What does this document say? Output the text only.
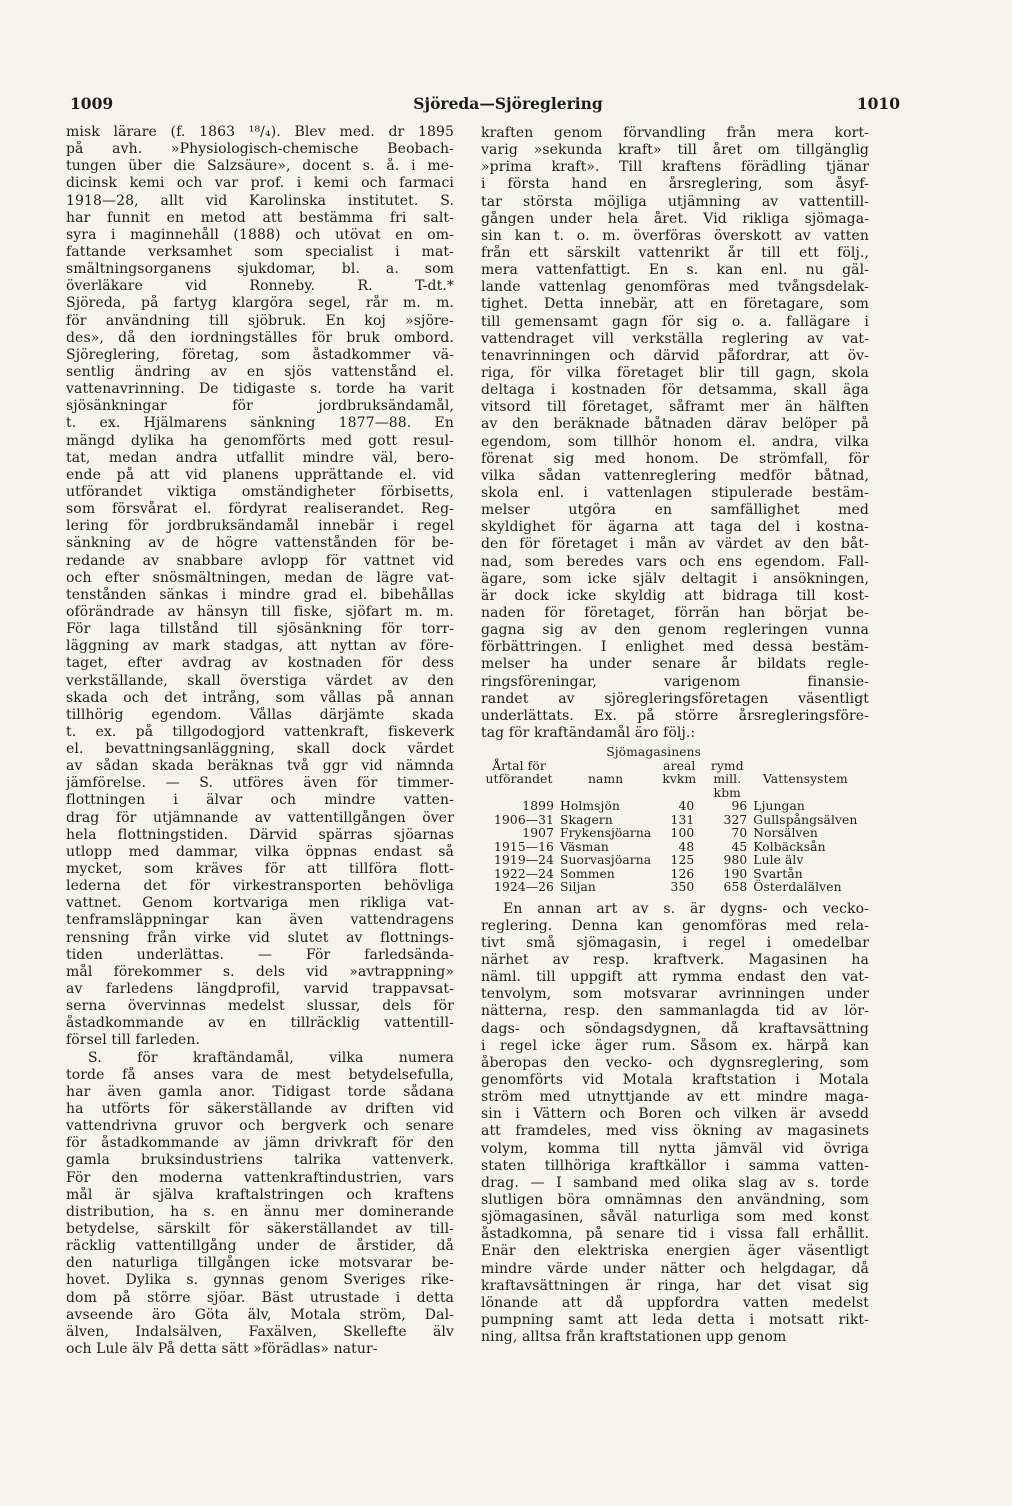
1009	Sjöreda—Sjöreglering	1010
misk lärare (f. 1863 ¹⁸/₄). Blev med. dr 1895
på avh. »Physiologisch-chemische Beobach-
tungen über die Salzsäure», docent s. å. i me-
dicinsk kemi och var prof. i kemi och farmaci
1918—28, allt vid Karolinska institutet. S.
har funnit en metod att bestämma fri salt-
syra i maginnehåll (1888) och utövat en om-
fattande verksamhet som specialist i mat-
smältningsorganens sjukdomar, bl. a. som
överläkare vid Ronneby. R. T-dt.*
Sjöreda, på fartyg klargöra segel, rår m. m.
för användning till sjöbruk. En koj »sjöre-
des», då den iordningställes för bruk ombord.
Sjöreglering, företag, som åstadkommer vä-
sentlig ändring av en sjös vattenstånd el.
vattenavrinning. De tidigaste s. torde ha varit
sjösänkningar för jordbruksändamål,
t. ex. Hjälmarens sänkning 1877—88. En
mängd dylika ha genomförts med gott resul-
tat, medan andra utfallit mindre väl, bero-
ende på att vid planens upprättande el. vid
utförandet viktiga omständigheter förbisetts,
som försvårat el. fördyrat realiserandet. Reg-
lering för jordbruksändamål innebär i regel
sänkning av de högre vattenstånden för be-
redande av snabbare avlopp för vattnet vid
och efter snösmältningen, medan de lägre vat-
tenstånden sänkas i mindre grad el. bibehållas
oförändrade av hänsyn till fiske, sjöfart m. m.
För laga tillstånd till sjösänkning för torr-
läggning av mark stadgas, att nyttan av före-
taget, efter avdrag av kostnaden för dess
verkställande, skall överstiga värdet av den
skada och det intrång, som vållas på annan
tillhörig egendom. Vållas därjämte skada
t. ex. på tillgodogjord vattenkraft, fiskeverk
el. bevattningsanläggning, skall dock värdet
av sådan skada beräknas två ggr vid nämnda
jämförelse. — S. utföres även för timmer-
flottningen i älvar och mindre vatten-
drag för utjämnande av vattentillgången över
hela flottningstiden. Därvid spärras sjöarnas
utlopp med dammar, vilka öppnas endast så
mycket, som kräves för att tillföra flott-
lederna det för virkestransporten behövliga
vattnet. Genom kortvariga men rikliga vat-
tenframsläppningar kan även vattendragens
rensning från virke vid slutet av flottnings-
tiden underlättas. — För farledsända-
mål förekommer s. dels vid »avtrappning»
av farledens längdprofil, varvid trappavsat-
serna övervinnas medelst slussar, dels för
åstadkommande av en tillräcklig vattentill-
försel till farleden.
S. för kraftändamål, vilka numera
torde få anses vara de mest betydelsefulla,
har även gamla anor. Tidigast torde sådana
ha utförts för säkerställande av driften vid
vattendrivna gruvor och bergverk och senare
för åstadkommande av jämn drivkraft för den
gamla bruksindustriens talrika vattenverk.
För den moderna vattenkraftindustrien, vars
mål är själva kraftalstringen och kraftens
distribution, ha s. en ännu mer dominerande
betydelse, särskilt för säkerställandet av till-
räcklig vattentillgång under de årstider, då
den naturliga tillgången icke motsvarar be-
hovet. Dylika s. gynnas genom Sveriges rike-
dom på större sjöar. Bäst utrustade i detta
avseende äro Göta älv, Motala ström, Dal-
älven, Indalsälven, Faxälven, Skellefte älv
och Lule älv På detta sätt »förädlas» natur-
kraften genom förvandling från mera kort-
varig »sekunda kraft» till året om tillgänglig
»prima kraft». Till kraftens förädling tjänar
i första hand en årsreglering, som åsyf-
tar största möjliga utjämning av vattentill-
gången under hela året. Vid rikliga sjömaga-
sin kan t. o. m. överföras överskott av vatten
från ett särskilt vattenrikt år till ett följ.,
mera vattenfattigt. En s. kan enl. nu gäl-
lande vattenlag genomföras med tvångsdelak-
tighet. Detta innebär, att en företagare, som
till gemensamt gagn för sig o. a. fallägare i
vattendraget vill verkställa reglering av vat-
tenavrinningen och därvid påfordrar, att öv-
riga, för vilka företaget blir till gagn, skola
deltaga i kostnaden för detsamma, skall äga
vitsord till företaget, såframt mer än hälften
av den beräknade båtnaden därav belöper på
egendom, som tillhör honom el. andra, vilka
förenat sig med honom. De strömfall, för
vilka sådan vattenreglering medför båtnad,
skola enl. i vattenlagen stipulerade bestäm-
melser utgöra en samfällighet med
skyldighet för ägarna att taga del i kostna-
den för företaget i mån av värdet av den båt-
nad, som beredes vars och ens egendom. Fall-
ägare, som icke själv deltagit i ansökningen,
är dock icke skyldig att bidraga till kost-
naden för företaget, förrän han börjat be-
gagna sig av den genom regleringen vunna
förbättringen. I enlighet med dessa bestäm-
melser ha under senare år bildats regle-
ringsföreningar, varigenom finansie-
randet av sjöregleringsföretagen väsentligt
underlättats. Ex. på större årsregleringsföre-
tag för kraftändamål äro följ.:
	Sjömagasinens			
Årtal för utförandet	namn	areal kvkm	rymd mill. kbm	Vattensystem
1899	Holmsjön	40	96	Ljungan
1906—31	Skagern	131	327	Gullspångsälven
1907	Frykensjöarna	100	70	Norsälven
1915—16	Väsman	48	45	Kolbäcksån
1919—24	Suorvasjöarna	125	980	Lule älv
1922—24	Sommen	126	190	Svartån
1924—26	Siljan	350	658	Österdalälven
En annan art av s. är dygns- och vecko-
reglering. Denna kan genomföras med rela-
tivt små sjömagasin, i regel i omedelbar
närhet av resp. kraftverk. Magasinen ha
näml. till uppgift att rymma endast den vat-
tenvolym, som motsvarar avrinningen under
nätterna, resp. den sammanlagda tid av lör-
dags- och söndagsdygnen, då kraftavsättning
i regel icke äger rum. Såsom ex. härpå kan
åberopas den vecko- och dygnsreglering, som
genomförts vid Motala kraftstation i Motala
ström med utnyttjande av ett mindre maga-
sin i Vättern och Boren och vilken är avsedd
att framdeles, med viss ökning av magasinets
volym, komma till nytta jämväl vid övriga
staten tillhöriga kraftkällor i samma vatten-
drag. — I samband med olika slag av s. torde
slutligen böra omnämnas den användning, som
sjömagasinen, såväl naturliga som med konst
åstadkomna, på senare tid i vissa fall erhållit.
Enär den elektriska energien äger väsentligt
mindre värde under nätter och helgdagar, då
kraftavsättningen är ringa, har det visat sig
lönande att då uppfordra vatten medelst
pumpning samt att leda detta i motsatt rikt-
ning, alltsa från kraftstationen upp genom
